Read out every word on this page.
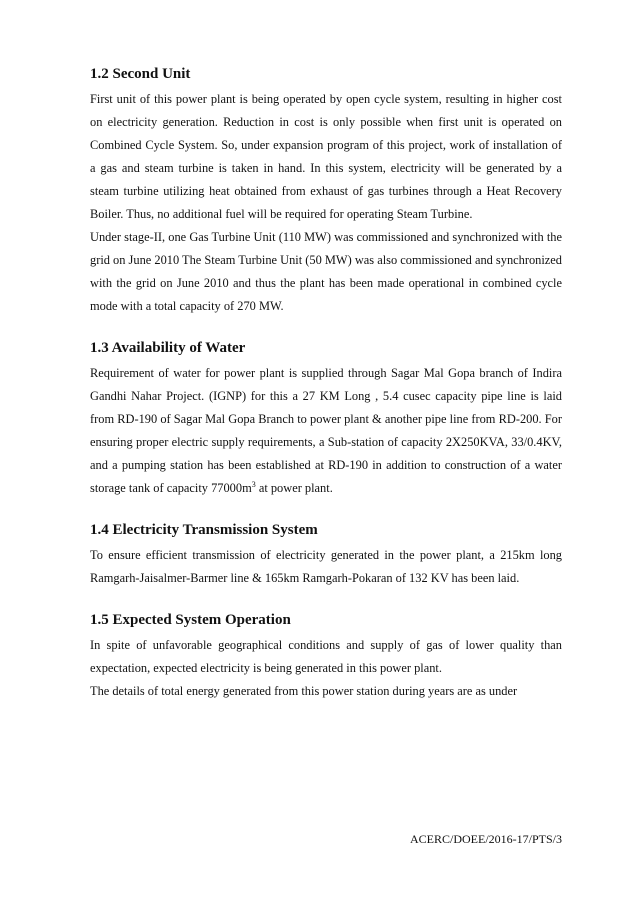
1.2 Second Unit

First unit of this power plant is being operated by open cycle system, resulting in higher cost on electricity generation. Reduction in cost is only possible when first unit is operated on Combined Cycle System. So, under expansion program of this project, work of installation of a gas and steam turbine is taken in hand. In this system, electricity will be generated by a steam turbine utilizing heat obtained from exhaust of gas turbines through a Heat Recovery Boiler. Thus, no additional fuel will be required for operating Steam Turbine.

Under stage-II, one Gas Turbine Unit (110 MW) was commissioned and synchronized with the grid on June 2010 The Steam Turbine Unit (50 MW) was also commissioned and synchronized with the grid on June 2010 and thus the plant has been made operational in combined cycle mode with a total capacity of 270 MW.

1.3 Availability of Water

Requirement of water for power plant is supplied through Sagar Mal Gopa branch of Indira Gandhi Nahar Project. (IGNP) for this a 27 KM Long , 5.4 cusec capacity pipe line is laid from RD-190 of Sagar Mal Gopa Branch to power plant & another pipe line from RD-200. For ensuring proper electric supply requirements, a Sub-station of capacity 2X250KVA, 33/0.4KV, and a pumping station has been established at RD-190 in addition to construction of a water storage tank of capacity $77000m^3$ at power plant.

1.4 Electricity Transmission System

To ensure efficient transmission of electricity generated in the power plant, a 215km long Ramgarh-Jaisalmer-Barmer line & 165km Ramgarh-Pokaran of 132 KV has been laid.

1.5 Expected System Operation

In spite of unfavorable geographical conditions and supply of gas of lower quality than expectation, expected electricity is being generated in this power plant.

The details of total energy generated from this power station during years are as under

ACERC/DOEE/2016-17/PTS/3
